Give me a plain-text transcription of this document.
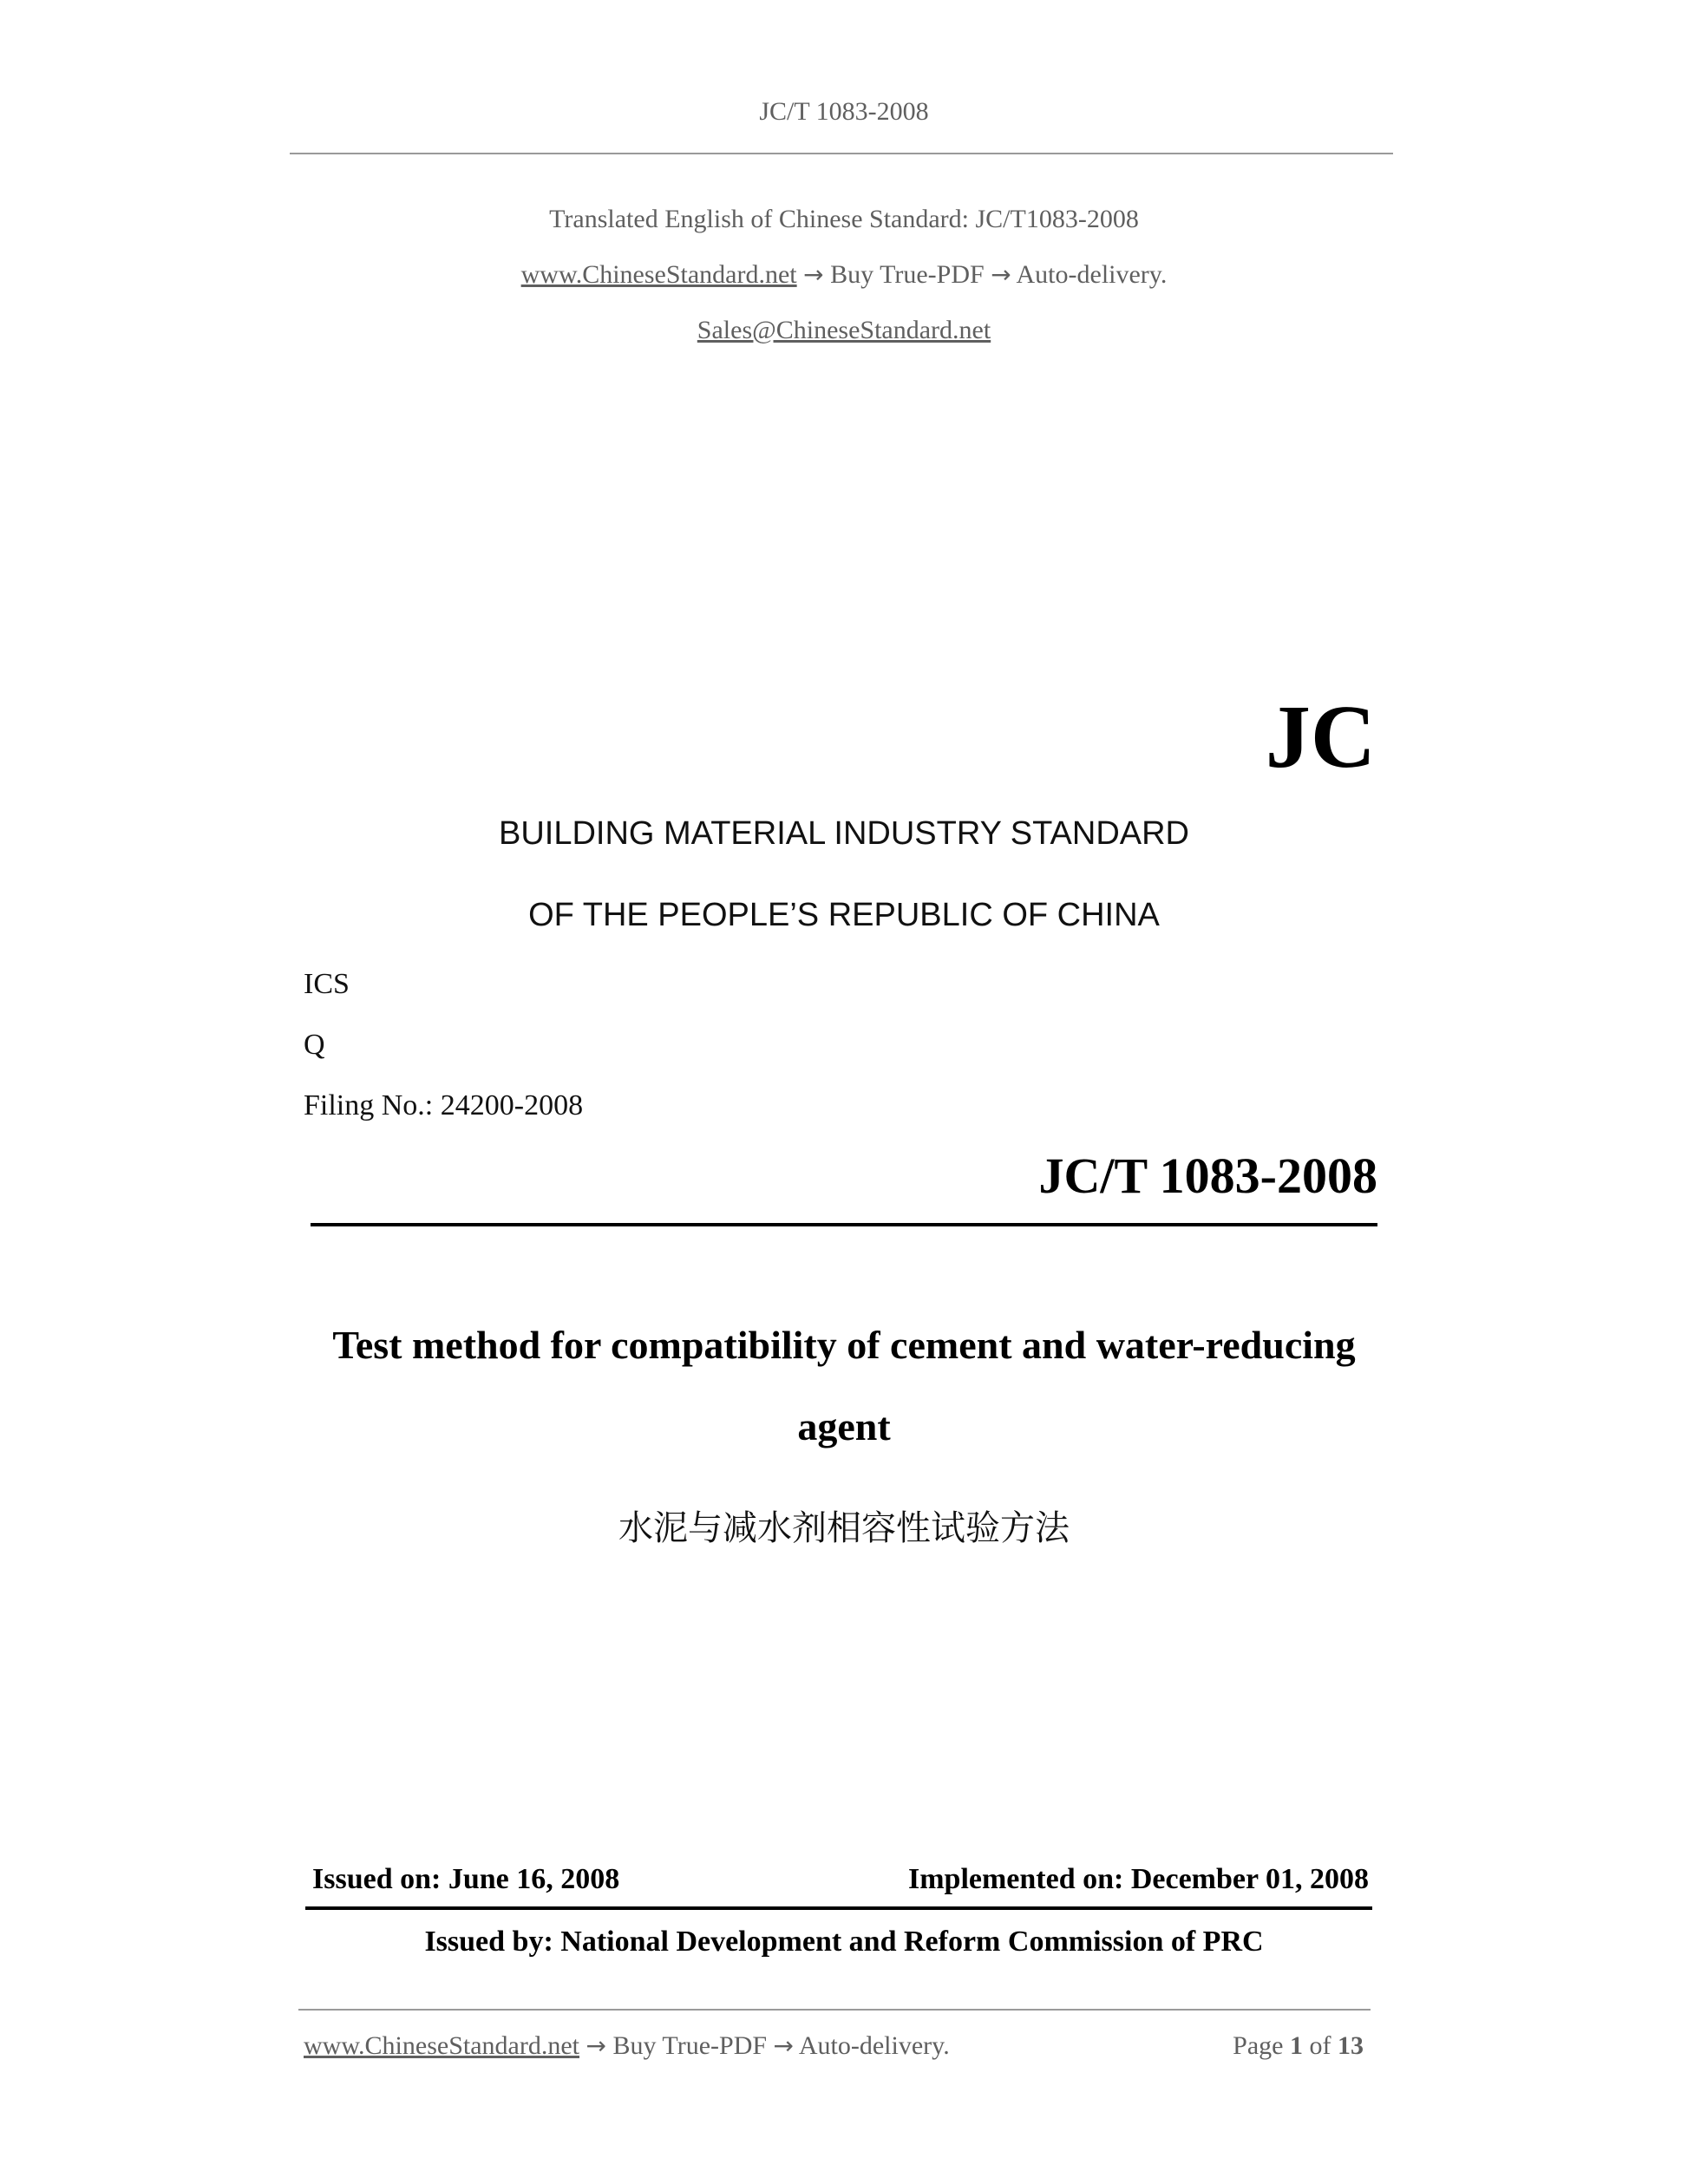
JC/T 1083-2008
Translated English of Chinese Standard: JC/T1083-2008
www.ChineseStandard.net → Buy True-PDF → Auto-delivery.
Sales@ChineseStandard.net
JC
BUILDING MATERIAL INDUSTRY STANDARD
OF THE PEOPLE’S REPUBLIC OF CHINA
ICS
Q
Filing No.: 24200-2008
JC/T 1083-2008
Test method for compatibility of cement and water-reducing
agent
水泥与减水剂相容性试验方法
Issued on: June 16, 2008	Implemented on: December 01, 2008
Issued by: National Development and Reform Commission of PRC
www.ChineseStandard.net → Buy True-PDF → Auto-delivery.	Page 1 of 13
